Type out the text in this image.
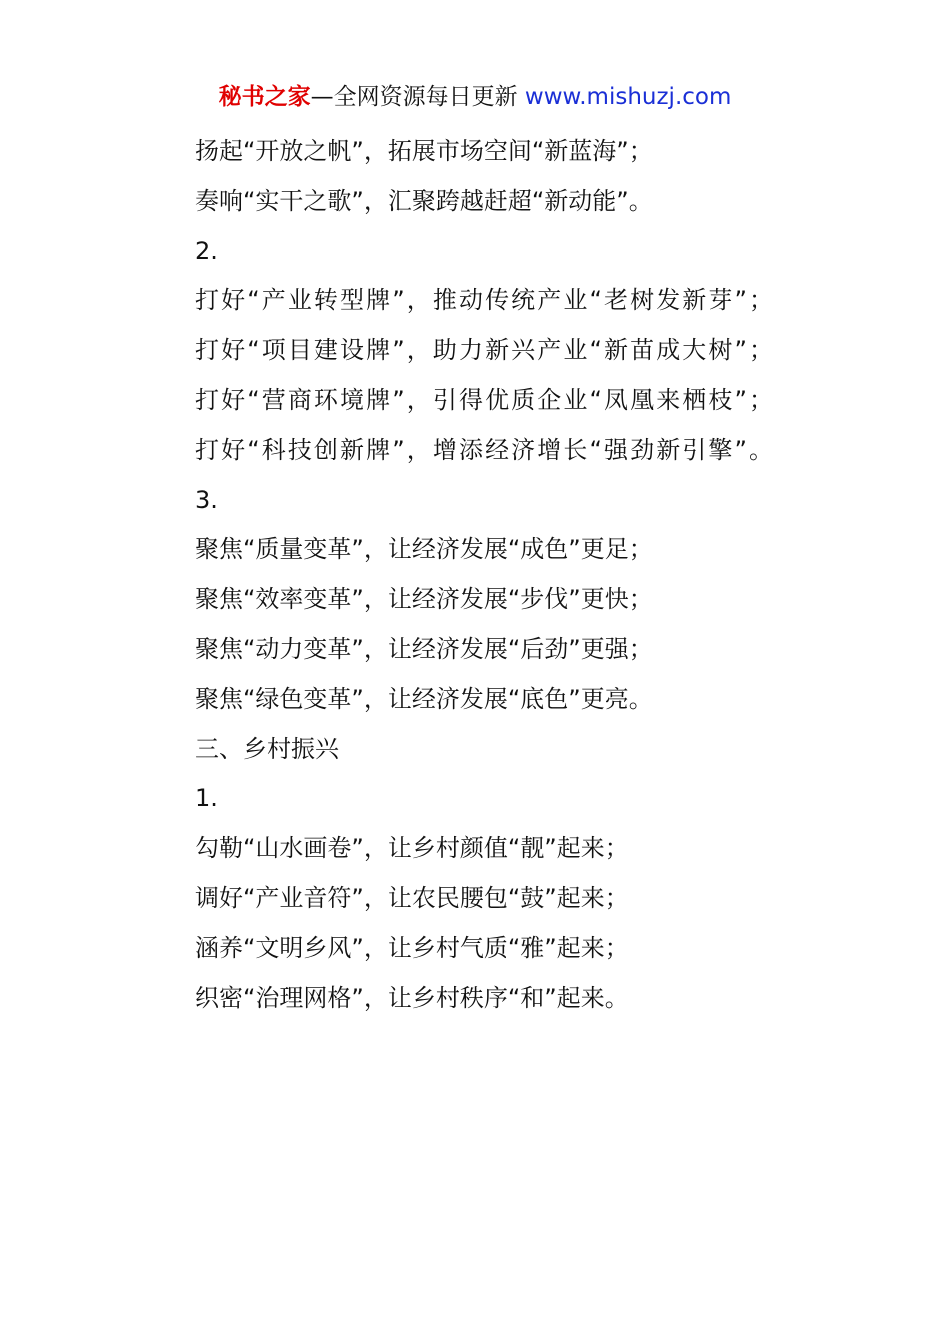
秘书之家—全网资源每日更新 www.mishuzj.com

扬起“开放之帆”，拓展市场空间“新蓝海”；

奏响“实干之歌”，汇聚跨越赶超“新动能”。

2.

打好“产业转型牌”，推动传统产业“老树发新芽”；

打好“项目建设牌”，助力新兴产业“新苗成大树”；

打好“营商环境牌”，引得优质企业“凤凰来栖枝”；

打好“科技创新牌”，增添经济增长“强劲新引擎”。

3.

聚焦“质量变革”，让经济发展“成色”更足；

聚焦“效率变革”，让经济发展“步伐”更快；

聚焦“动力变革”，让经济发展“后劲”更强；

聚焦“绿色变革”，让经济发展“底色”更亮。

三、乡村振兴

1.

勾勒“山水画卷”，让乡村颜值“靓”起来；

调好“产业音符”，让农民腰包“鼓”起来；

涵养“文明乡风”，让乡村气质“雅”起来；

织密“治理网格”，让乡村秩序“和”起来。
